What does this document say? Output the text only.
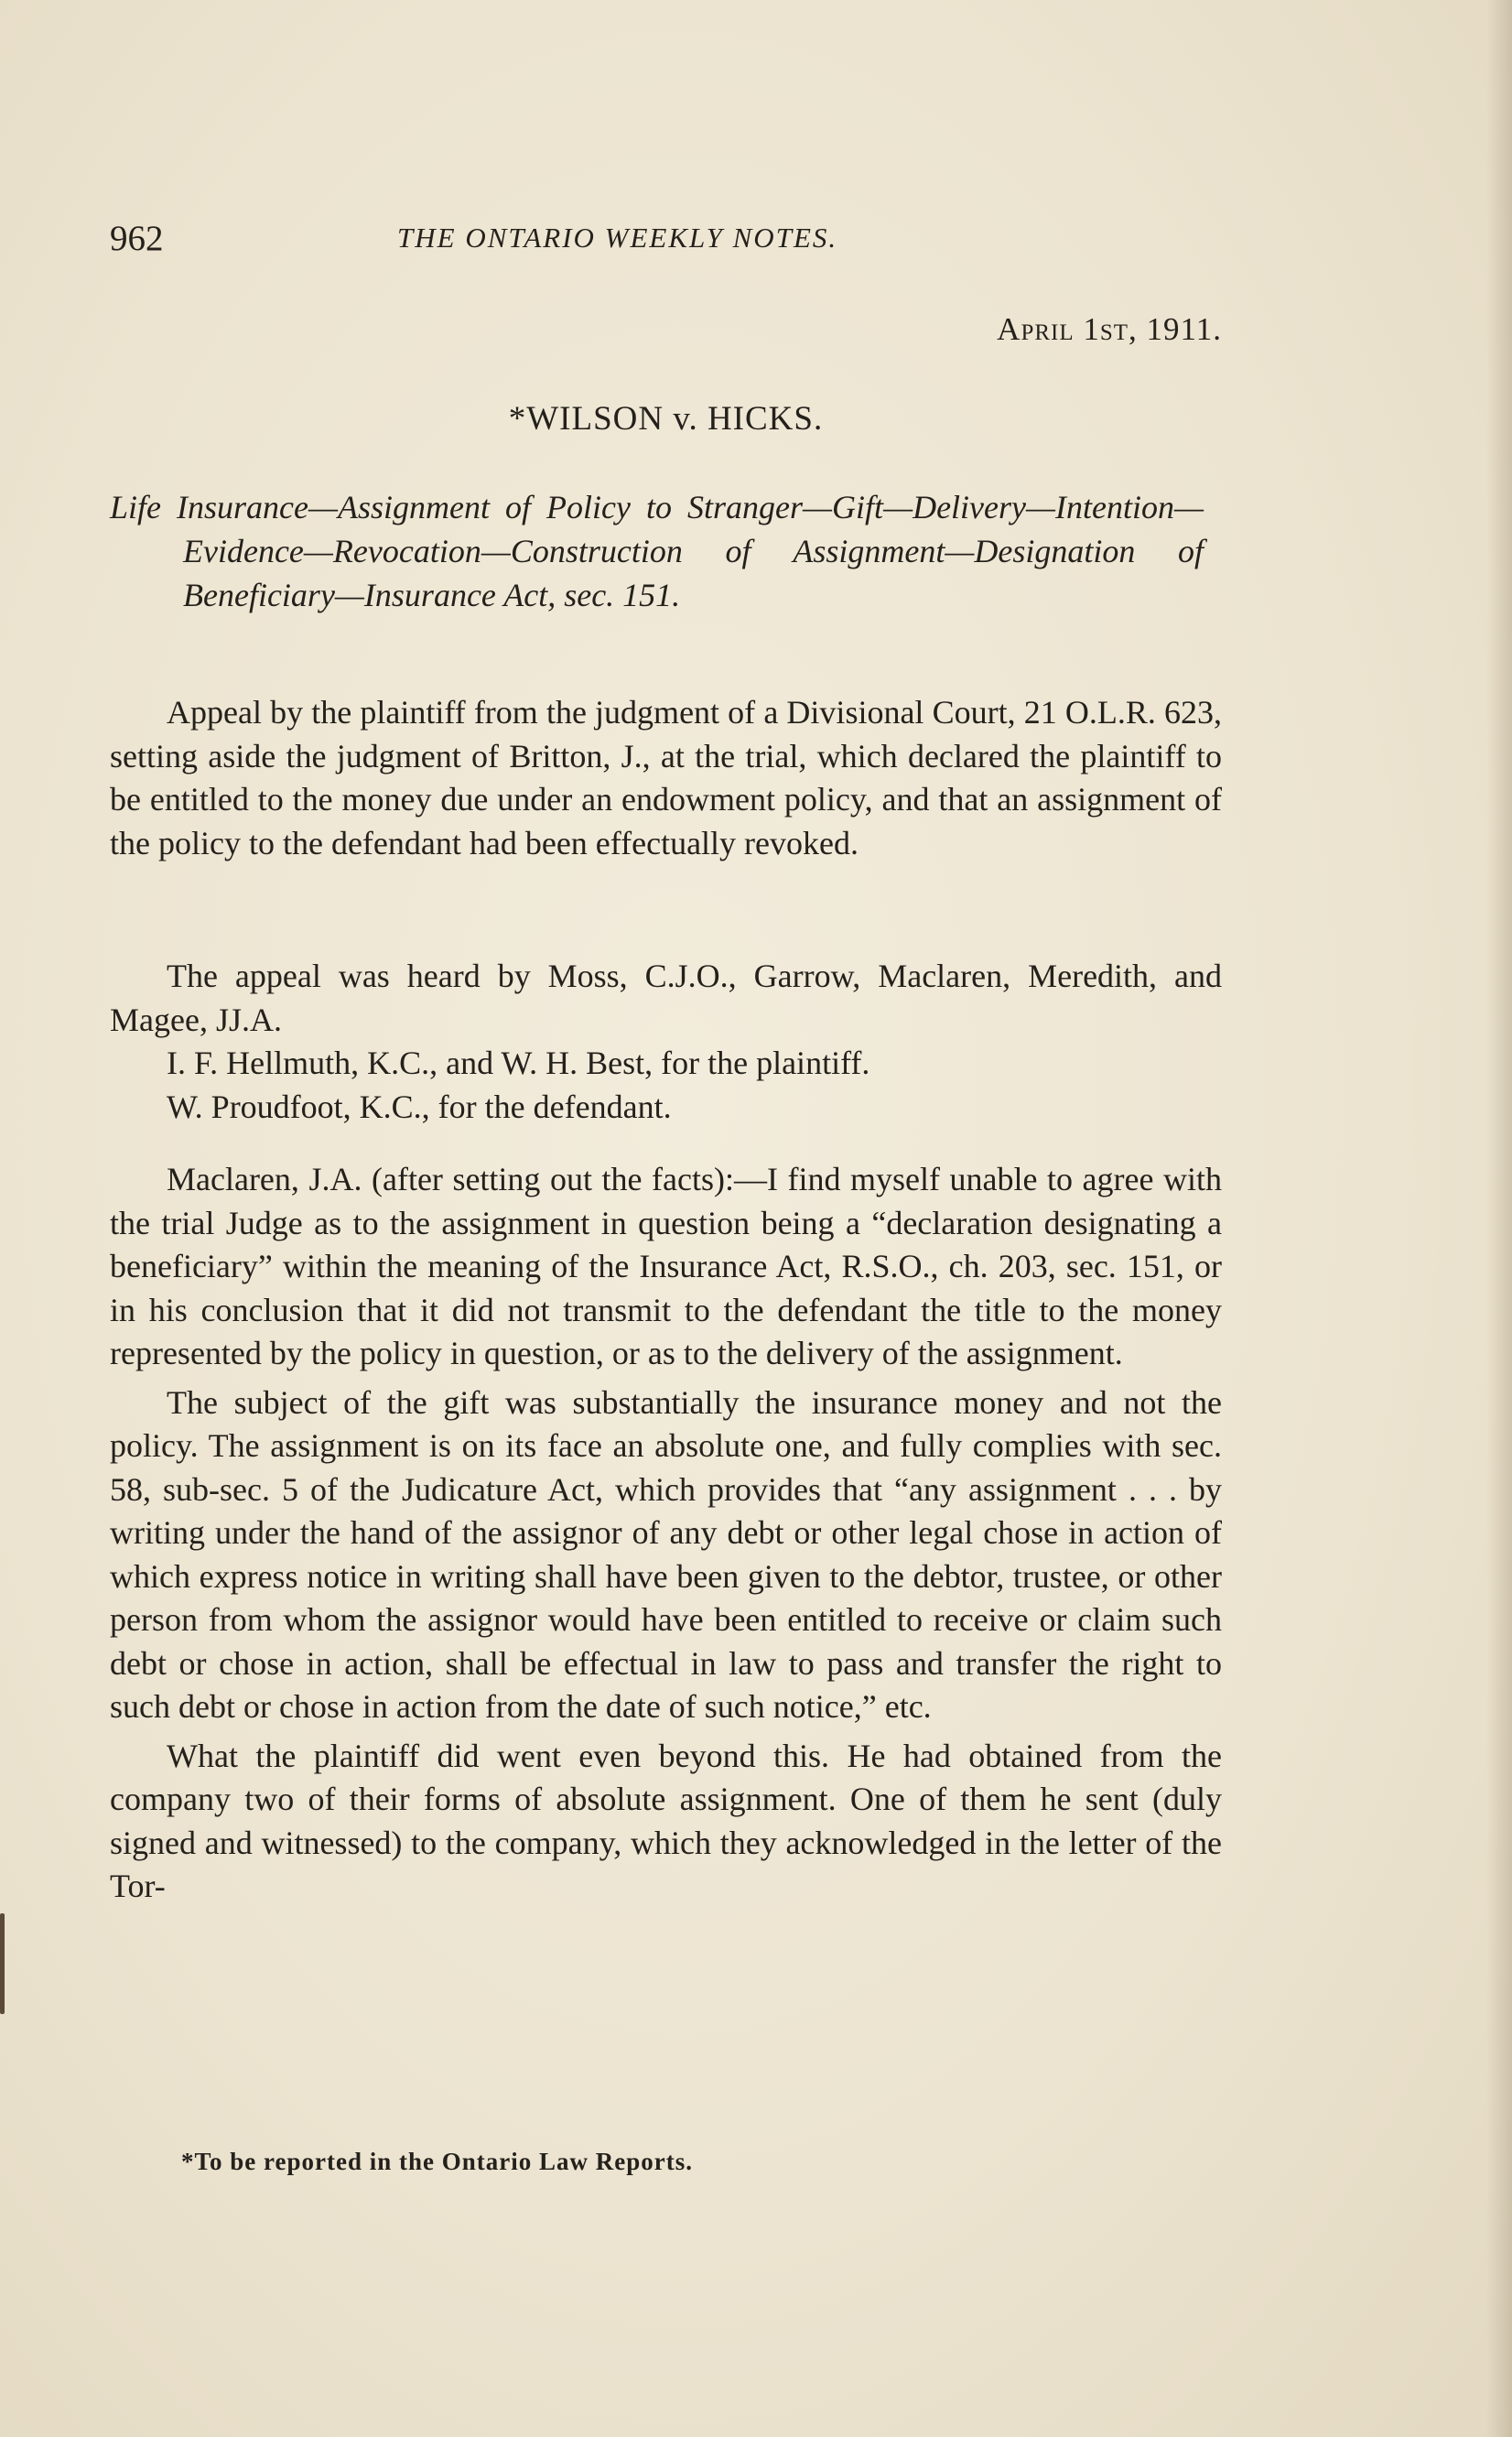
962	THE ONTARIO WEEKLY NOTES.
April 1st, 1911.
*WILSON v. HICKS.
Life Insurance—Assignment of Policy to Stranger—Gift—Delivery—Intention—Evidence—Revocation—Construction of Assignment—Designation of Beneficiary—Insurance Act, sec. 151.

Appeal by the plaintiff from the judgment of a Divisional Court, 21 O.L.R. 623, setting aside the judgment of Britton, J., at the trial, which declared the plaintiff to be entitled to the money due under an endowment policy, and that an assignment of the policy to the defendant had been effectually revoked.

The appeal was heard by Moss, C.J.O., Garrow, Maclaren, Meredith, and Magee, JJ.A.

I. F. Hellmuth, K.C., and W. H. Best, for the plaintiff.

W. Proudfoot, K.C., for the defendant.

Maclaren, J.A. (after setting out the facts):—I find myself unable to agree with the trial Judge as to the assignment in question being a “declaration designating a beneficiary” within the meaning of the Insurance Act, R.S.O., ch. 203, sec. 151, or in his conclusion that it did not transmit to the defendant the title to the money represented by the policy in question, or as to the delivery of the assignment.

The subject of the gift was substantially the insurance money and not the policy. The assignment is on its face an absolute one, and fully complies with sec. 58, sub-sec. 5 of the Judicature Act, which provides that “any assignment . . . by writing under the hand of the assignor of any debt or other legal chose in action of which express notice in writing shall have been given to the debtor, trustee, or other person from whom the assignor would have been entitled to receive or claim such debt or chose in action, shall be effectual in law to pass and transfer the right to such debt or chose in action from the date of such notice,” etc.

What the plaintiff did went even beyond this. He had obtained from the company two of their forms of absolute assignment. One of them he sent (duly signed and witnessed) to the company, which they acknowledged in the letter of the Tor-

*To be reported in the Ontario Law Reports.
